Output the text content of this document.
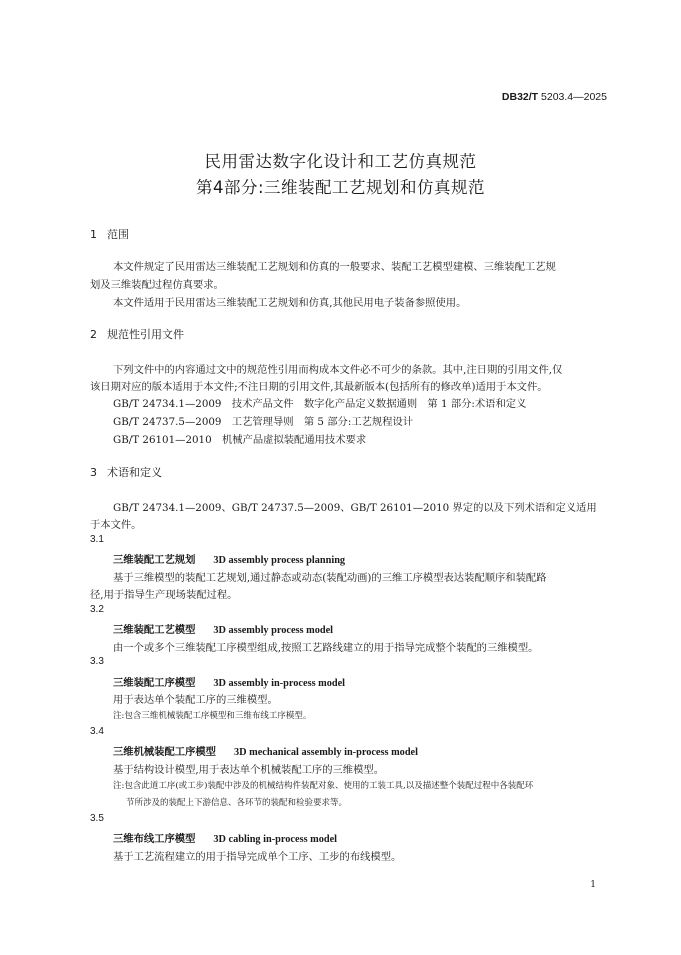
DB32/T 5203.4—2025
民用雷达数字化设计和工艺仿真规范
第4部分:三维装配工艺规划和仿真规范
1 范围
本文件规定了民用雷达三维装配工艺规划和仿真的一般要求、装配工艺模型建模、三维装配工艺规
划及三维装配过程仿真要求。
本文件适用于民用雷达三维装配工艺规划和仿真,其他民用电子装备参照使用。
2 规范性引用文件
下列文件中的内容通过文中的规范性引用而构成本文件必不可少的条款。其中,注日期的引用文件,仅
该日期对应的版本适用于本文件;不注日期的引用文件,其最新版本(包括所有的修改单)适用于本文件。
GB/T 24734.1—2009　技术产品文件　数字化产品定义数据通则　第 1 部分:术语和定义
GB/T 24737.5—2009　工艺管理导则　第 5 部分:工艺规程设计
GB/T 26101—2010　机械产品虚拟装配通用技术要求
3 术语和定义
GB/T 24734.1—2009、GB/T 24737.5—2009、GB/T 26101—2010 界定的以及下列术语和定义适用
于本文件。
3.1
三维装配工艺规划 3D assembly process planning
基于三维模型的装配工艺规划,通过静态或动态(装配动画)的三维工序模型表达装配顺序和装配路
径,用于指导生产现场装配过程。
3.2
三维装配工艺模型 3D assembly process model
由一个或多个三维装配工序模型组成,按照工艺路线建立的用于指导完成整个装配的三维模型。
3.3
三维装配工序模型 3D assembly in-process model
用于表达单个装配工序的三维模型。
注:包含三维机械装配工序模型和三维布线工序模型。
3.4
三维机械装配工序模型 3D mechanical assembly in-process model
基于结构设计模型,用于表达单个机械装配工序的三维模型。
注:包含此道工序(或工步)装配中涉及的机械结构件装配对象、使用的工装工具,以及描述整个装配过程中各装配环
节所涉及的装配上下游信息、各环节的装配和检验要求等。
3.5
三维布线工序模型 3D cabling in-process model
基于工艺流程建立的用于指导完成单个工序、工步的布线模型。
1
